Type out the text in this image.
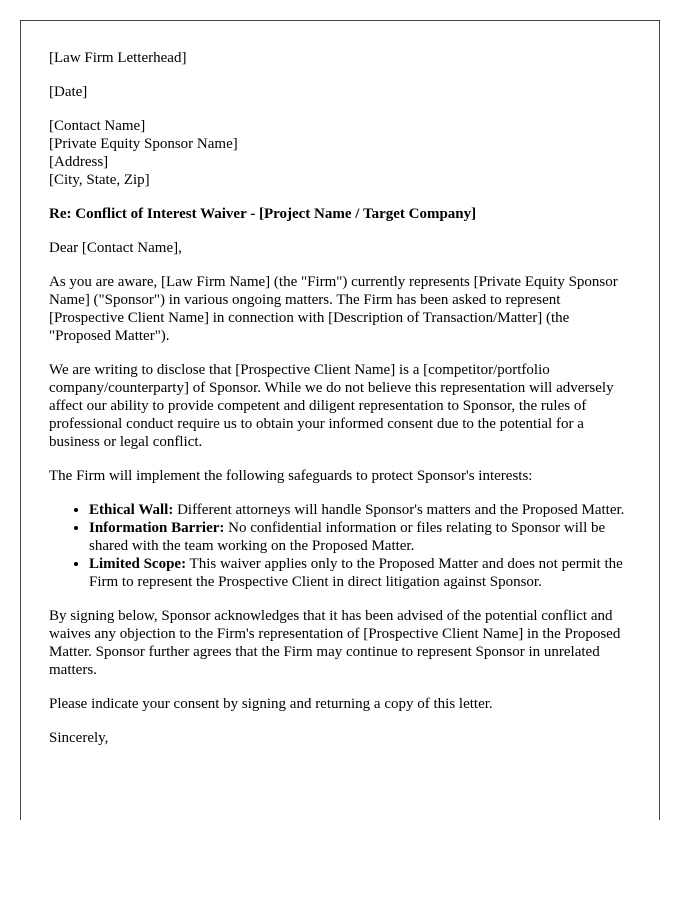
[Law Firm Letterhead]

[Date]

[Contact Name]

[Private Equity Sponsor Name]

[Address]

[City, State, Zip]

Re: Conflict of Interest Waiver - [Project Name / Target Company]

Dear [Contact Name],

As you are aware, [Law Firm Name] (the "Firm") currently represents [Private Equity Sponsor Name] ("Sponsor") in various ongoing matters. The Firm has been asked to represent [Prospective Client Name] in connection with [Description of Transaction/Matter] (the "Proposed Matter").

We are writing to disclose that [Prospective Client Name] is a [competitor/portfolio company/counterparty] of Sponsor. While we do not believe this representation will adversely affect our ability to provide competent and diligent representation to Sponsor, the rules of professional conduct require us to obtain your informed consent due to the potential for a business or legal conflict.

The Firm will implement the following safeguards to protect Sponsor's interests:

• Ethical Wall: Different attorneys will handle Sponsor's matters and the Proposed Matter.
• Information Barrier: No confidential information or files relating to Sponsor will be shared with the team working on the Proposed Matter.
• Limited Scope: This waiver applies only to the Proposed Matter and does not permit the Firm to represent the Prospective Client in direct litigation against Sponsor.

By signing below, Sponsor acknowledges that it has been advised of the potential conflict and waives any objection to the Firm's representation of [Prospective Client Name] in the Proposed Matter. Sponsor further agrees that the Firm may continue to represent Sponsor in unrelated matters.

Please indicate your consent by signing and returning a copy of this letter.

Sincerely,
